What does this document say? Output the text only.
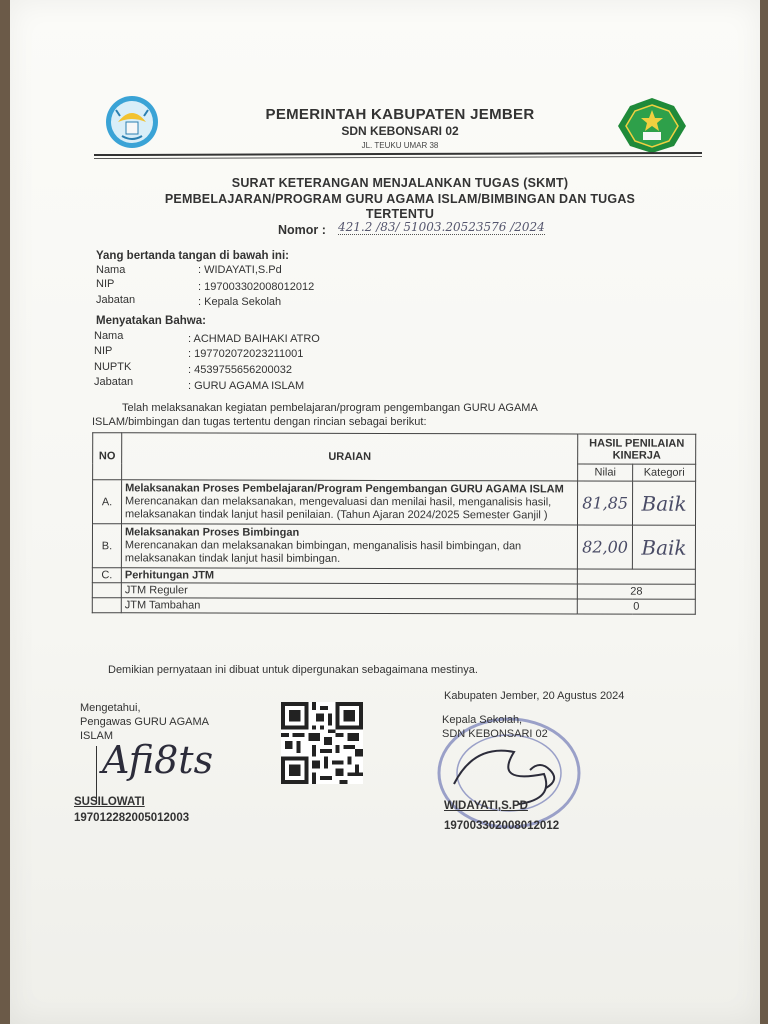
PEMERINTAH KABUPATEN JEMBER
SDN KEBONSARI 02
JL. TEUKU UMAR 38
SURAT KETERANGAN MENJALANKAN TUGAS (SKMT)
PEMBELAJARAN/PROGRAM GURU AGAMA ISLAM/BIMBINGAN DAN TUGAS
TERTENTU
Nomor : 421.2 /83/ 51003.20523576 /2024
Yang bertanda tangan di bawah ini:
Nama	: WIDAYATI,S.Pd
NIP	: 197003302008012012
Jabatan	: Kepala Sekolah
Menyatakan Bahwa:
Nama	: ACHMAD BAIHAKI ATRO
NIP	: 197702072023211001
NUPTK	: 4539755656200032
Jabatan	: GURU AGAMA ISLAM
Telah melaksanakan kegiatan pembelajaran/program pengembangan GURU AGAMA
ISLAM/bimbingan dan tugas tertentu dengan rincian sebagai berikut:
NO	URAIAN	HASIL PENILAIAN KINERJA	
		Nilai	Kategori
A.	Melaksanakan Proses Pembelajaran/Program Pengembangan GURU AGAMA ISLAM
Merencanakan dan melaksanakan, mengevaluasi dan menilai hasil, menganalisis hasil, melaksanakan tindak lanjut hasil penilaian. (Tahun Ajaran 2024/2025 Semester Ganjil )	81,85	Baik
B.	Melaksanakan Proses Bimbingan
Merencanakan dan melaksanakan bimbingan, menganalisis hasil bimbingan, dan melaksanakan tindak lanjut hasil bimbingan.	82,00	Baik
C.	Perhitungan JTM		
	JTM Reguler	28	
	JTM Tambahan	0	
Demikian pernyataan ini dibuat untuk dipergunakan sebagaimana mestinya.
Mengetahui,
Pengawas GURU AGAMA
ISLAM
Afi8ts
SUSILOWATI
197012282005012003
Kabupaten Jember, 20 Agustus 2024
Kepala Sekolah,
SDN KEBONSARI 02
WIDAYATI,S.PD
197003302008012012
